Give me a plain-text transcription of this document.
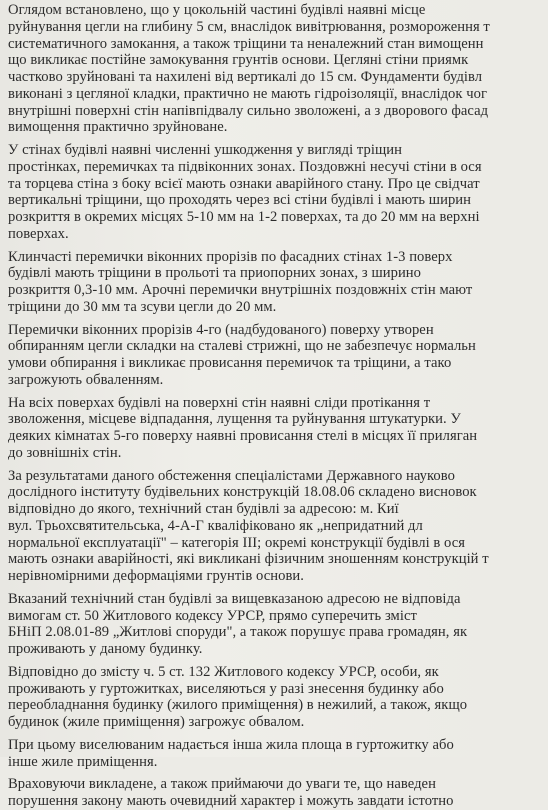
Оглядом встановлено, що у цокольній частині будівлі наявні місце
руйнування цегли на глибину 5 см, внаслідок вивітрювання, розмороження т
систематичного замокання, а також тріщини та неналежний стан вимощенн
що викликає постійне замокування грунтів основи. Цегляні стіни приямк
частково зруйновані та нахилені від вертикалі до 15 см. Фундаменти будівл
виконані з цегляної кладки, практично не мають гідроізоляції, внаслідок чог
внутрішні поверхні стін напівпідвалу сильно зволожені, а з дворового фасад
вимощення практично зруйноване.
У стінах будівлі наявні численні ушкодження у вигляді тріщин
простінках, перемичках та підвіконних зонах. Поздовжні несучі стіни в ося
та торцева стіна з боку всієї мають ознаки аварійного стану. Про це свідчат
вертикальні тріщини, що проходять через всі стіни будівлі і мають ширин
розкриття в окремих місцях 5-10 мм на 1-2 поверхах, та до 20 мм на верхні
поверхах.
Клинчасті перемички віконних прорізів по фасадних стінах 1-3 поверх
будівлі мають тріщини в прольоті та приопорних зонах, з ширино
розкриття 0,3-10 мм. Арочні перемички внутрішніх поздовжніх стін мают
тріщини до 30 мм та зсуви цегли до 20 мм.
Перемички віконних прорізів 4-го (надбудованого) поверху утворен
обпиранням цегли складки на сталеві стрижні, що не забезпечує нормальн
умови обпирання і викликає провисання перемичок та тріщини, а тако
загрожують обваленням.
На всіх поверхах будівлі на поверхні стін наявні сліди протікання т
зволоження, місцеве відпадання, лущення та руйнування штукатурки. У
деяких кімнатах 5-го поверху наявні провисання стелі в місцях її приляган
до зовнішніх стін.
За результатами даного обстеження спеціалістами Державного науково
дослідного інституту будівельних конструкцій 18.08.06 складено висновок
відповідно до якого, технічний стан будівлі за адресою: м. Киї
вул. Трьохсвятительська, 4-А-Г кваліфіковано як „непридатний дл
нормальної експлуатації" – категорія III; окремі конструкції будівлі в ося
мають ознаки аварійності, які викликані фізичним зношенням конструкцій т
нерівномірними деформаціями грунтів основи.
Вказаний технічний стан будівлі за вищевказаною адресою не відповіда
вимогам ст. 50 Житлового кодексу УРСР, прямо суперечить зміст
БНіП 2.08.01-89 „Житлові споруди", а також порушує права громадян, як
проживають у даному будинку.
Відповідно до змісту ч. 5 ст. 132 Житлового кодексу УРСР, особи, як
проживають у гуртожитках, виселяються у разі знесення будинку або
переобладнання будинку (жилого приміщення) в нежилий, а також, якщо
будинок (жиле приміщення) загрожує обвалом.
При цьому виселюваним надається інша жила площа в гуртожитку або
інше жиле приміщення.
Враховуючи викладене, а також приймаючи до уваги те, що наведен
порушення закону мають очевидний характер і можуть завдати істотно
